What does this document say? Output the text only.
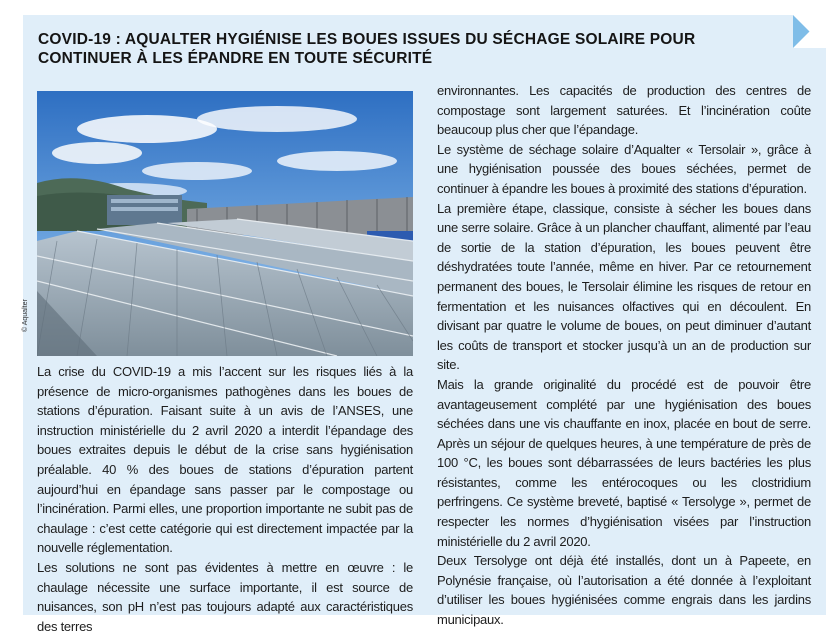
COVID-19 : AQUALTER HYGIÉNISE LES BOUES ISSUES DU SÉCHAGE SOLAIRE POUR CONTINUER À LES ÉPANDRE EN TOUTE SÉCURITÉ
© Aqualter

La crise du COVID-19 a mis l’accent sur les risques liés à la présence de micro-organismes pathogènes dans les boues de stations d’épuration. Faisant suite à un avis de l’ANSES, une instruction ministérielle du 2 avril 2020 a interdit l’épandage des boues extraites depuis le début de la crise sans hygiénisation préalable. 40 % des boues de stations d’épuration partent aujourd’hui en épandage sans passer par le compostage ou l’incinération. Parmi elles, une proportion importante ne subit pas de chaulage : c’est cette catégorie qui est directement impactée par la nouvelle réglementation.

Les solutions ne sont pas évidentes à mettre en œuvre : le chaulage nécessite une surface importante, il est source de nuisances, son pH n’est pas toujours adapté aux caractéristiques des terres

environnantes. Les capacités de production des centres de compostage sont largement saturées. Et l’incinération coûte beaucoup plus cher que l’épandage.

Le système de séchage solaire d’Aqualter « Tersolair », grâce à une hygiénisation poussée des boues séchées, permet de continuer à épandre les boues à proximité des stations d’épuration.

La première étape, classique, consiste à sécher les boues dans une serre solaire. Grâce à un plancher chauffant, alimenté par l’eau de sortie de la station d’épuration, les boues peuvent être déshydratées toute l’année, même en hiver. Par ce retournement permanent des boues, le Tersolair élimine les risques de retour en fermentation et les nuisances olfactives qui en découlent. En divisant par quatre le volume de boues, on peut diminuer d’autant les coûts de transport et stocker jusqu’à un an de production sur site.

Mais la grande originalité du procédé est de pouvoir être avantageusement complété par une hygiénisation des boues séchées dans une vis chauffante en inox, placée en bout de serre. Après un séjour de quelques heures, à une température de près de 100 °C, les boues sont débarrassées de leurs bactéries les plus résistantes, comme les entérocoques ou les clostridium perfringens. Ce système breveté, baptisé « Tersolyge », permet de respecter les normes d’hygiénisation visées par l’instruction ministérielle du 2 avril 2020.

Deux Tersolyge ont déjà été installés, dont un à Papeete, en Polynésie française, où l’autorisation a été donnée à l’exploitant d’utiliser les boues hygiénisées comme engrais dans les jardins municipaux.
